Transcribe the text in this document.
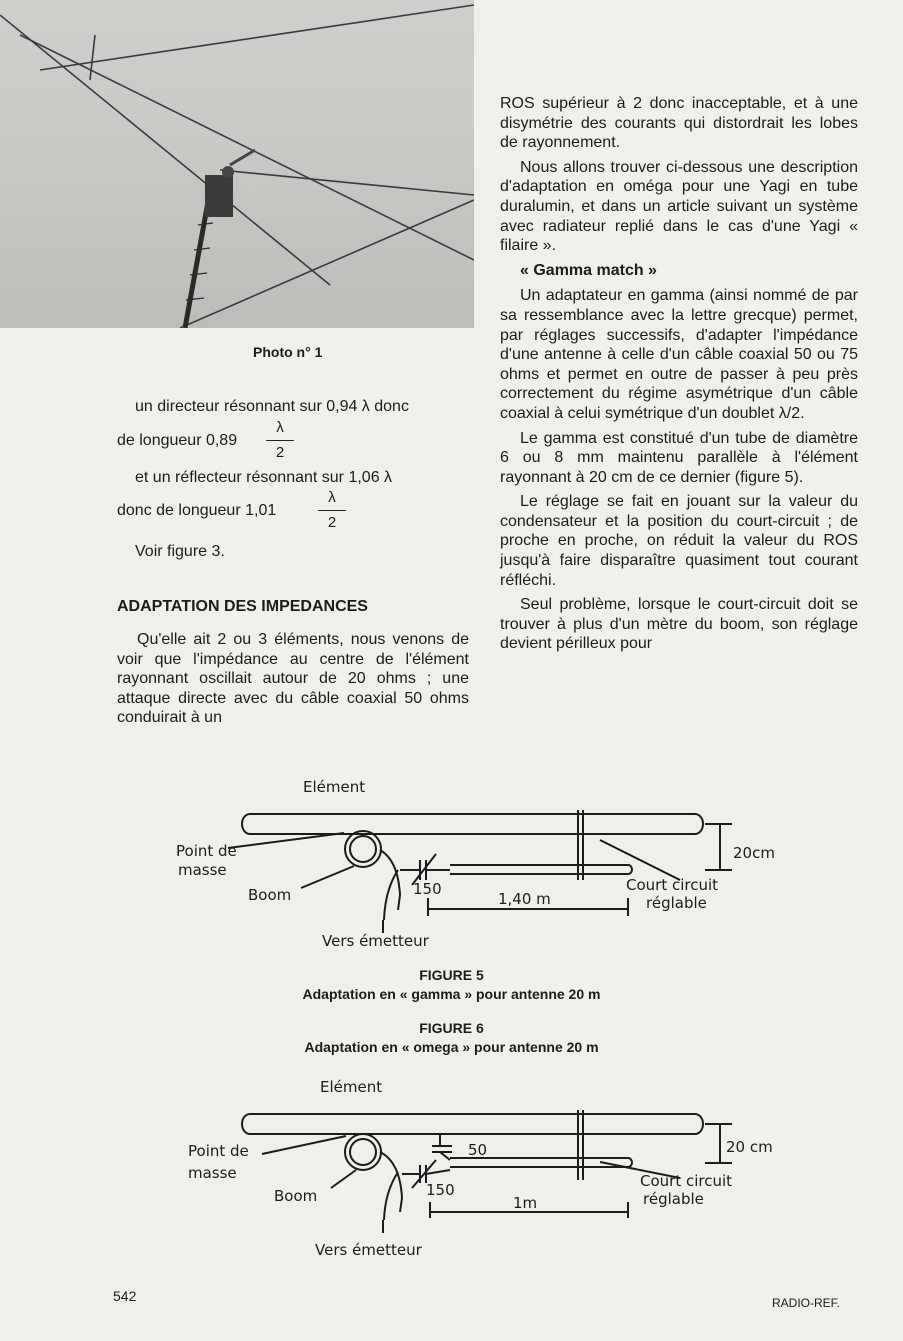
Photo n° 1
un directeur résonnant sur 0,94 λ donc
de longueur 0,89
λ
2
et un réflecteur résonnant sur 1,06 λ
donc de longueur 1,01
λ
2
Voir figure 3.
ADAPTATION DES IMPEDANCES

Qu'elle ait 2 ou 3 éléments, nous venons de voir que l'impédance au centre de l'élément rayonnant oscillait autour de 20 ohms ; une attaque directe avec du câble coaxial 50 ohms conduirait à un

ROS supérieur à 2 donc inacceptable, et à une disymétrie des courants qui distordrait les lobes de rayonnement.

Nous allons trouver ci-dessous une description d'adaptation en oméga pour une Yagi en tube duralumin, et dans un article suivant un système avec radiateur replié dans le cas d'une Yagi « filaire ».

« Gamma match »

Un adaptateur en gamma (ainsi nommé de par sa ressemblance avec la lettre grecque) permet, par réglages successifs, d'adapter l'impédance d'une antenne à celle d'un câble coaxial 50 ou 75 ohms et permet en outre de passer à peu près correctement du régime asymétrique d'un câble coaxial à celui symétrique d'un doublet λ/2.

Le gamma est constitué d'un tube de diamètre 6 ou 8 mm maintenu parallèle à l'élément rayonnant à 20 cm de ce dernier (figure 5).

Le réglage se fait en jouant sur la valeur du condensateur et la position du court-circuit ; de proche en proche, on réduit la valeur du ROS jusqu'à faire disparaître quasiment tout courant réfléchi.

Seul problème, lorsque le court-circuit doit se trouver à plus d'un mètre du boom, son réglage devient périlleux pour

Elément
Point de
masse
Boom	150
1,40 m
20cm
Court circuit
réglable
Vers émetteur
FIGURE 5
Adaptation en « gamma » pour antenne 20 m
FIGURE 6
Adaptation en « omega » pour antenne 20 m
Elément
Point de
masse
Boom
50
150
1m
20 cm
Court circuit
réglable
Vers émetteur
542	RADIO-REF.
